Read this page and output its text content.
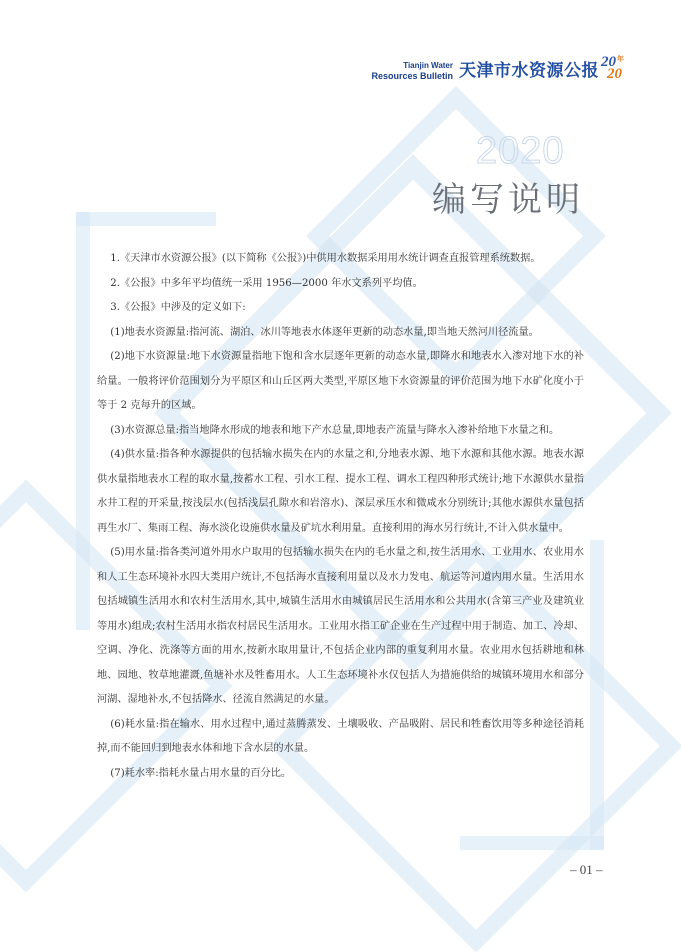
Tianjin Water
Resources Bulletin 天津市水资源公报 20
20
年
2020
编写说明

1.《天津市水资源公报》(以下简称《公报》)中供用水数据采用用水统计调查直报管理系统数据。

2.《公报》中多年平均值统一采用 1956—2000 年水文系列平均值。

3.《公报》中涉及的定义如下:

(1)地表水资源量:指河流、湖泊、冰川等地表水体逐年更新的动态水量,即当地天然河川径流量。

(2)地下水资源量:地下水资源量指地下饱和含水层逐年更新的动态水量,即降水和地表水入渗对地下水的补给量。一般将评价范围划分为平原区和山丘区两大类型,平原区地下水资源量的评价范围为地下水矿化度小于等于 2 克每升的区域。

(3)水资源总量:指当地降水形成的地表和地下产水总量,即地表产流量与降水入渗补给地下水量之和。

(4)供水量:指各种水源提供的包括输水损失在内的水量之和,分地表水源、地下水源和其他水源。地表水源供水量指地表水工程的取水量,按蓄水工程、引水工程、提水工程、调水工程四种形式统计;地下水源供水量指水井工程的开采量,按浅层水(包括浅层孔隙水和岩溶水)、深层承压水和微咸水分别统计;其他水源供水量包括再生水厂、集雨工程、海水淡化设施供水量及矿坑水利用量。直接利用的海水另行统计,不计入供水量中。

(5)用水量:指各类河道外用水户取用的包括输水损失在内的毛水量之和,按生活用水、工业用水、农业用水和人工生态环境补水四大类用户统计,不包括海水直接利用量以及水力发电、航运等河道内用水量。生活用水包括城镇生活用水和农村生活用水,其中,城镇生活用水由城镇居民生活用水和公共用水(含第三产业及建筑业等用水)组成;农村生活用水指农村居民生活用水。工业用水指工矿企业在生产过程中用于制造、加工、冷却、空调、净化、洗涤等方面的用水,按新水取用量计,不包括企业内部的重复利用水量。农业用水包括耕地和林地、园地、牧草地灌溉,鱼塘补水及牲畜用水。人工生态环境补水仅包括人为措施供给的城镇环境用水和部分河湖、湿地补水,不包括降水、径流自然满足的水量。

(6)耗水量:指在输水、用水过程中,通过蒸腾蒸发、土壤吸收、产品吸附、居民和牲畜饮用等多种途径消耗掉,而不能回归到地表水体和地下含水层的水量。

(7)耗水率:指耗水量占用水量的百分比。

– 01 –
